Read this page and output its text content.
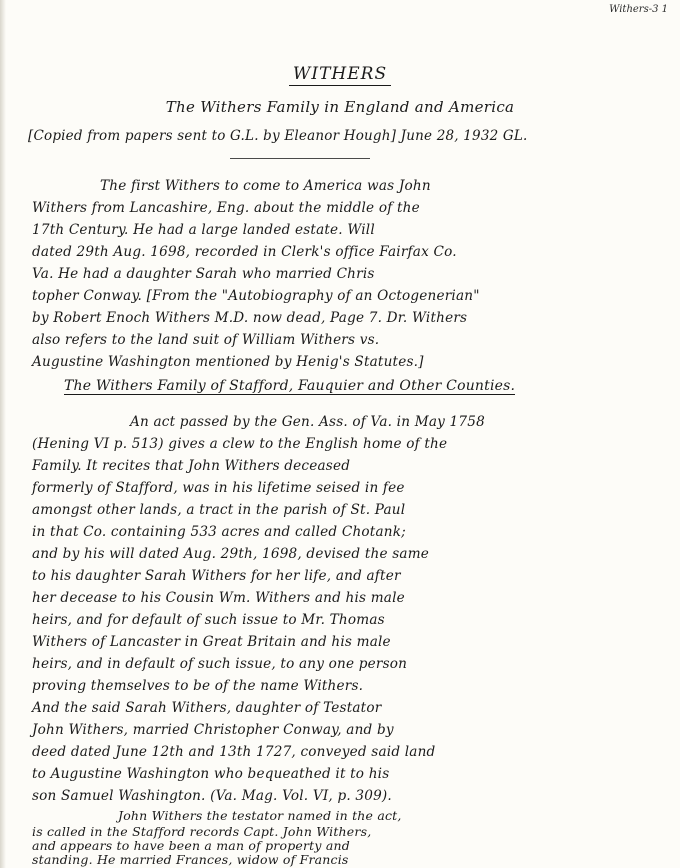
Withers-3 1
WITHERS
The Withers Family in England and America
[Copied from papers sent to G.L. by Eleanor Hough] June 28, 1932 GL.
The first Withers to come to America was John
Withers from Lancashire, Eng. about the middle of the
17th Century. He had a large landed estate. Will
dated 29th Aug. 1698, recorded in Clerk's office Fairfax Co.
Va. He had a daughter Sarah who married Chris
topher Conway. [From the "Autobiography of an Octogenerian"
by Robert Enoch Withers M.D. now dead, Page 7. Dr. Withers
also refers to the land suit of William Withers vs.
Augustine Washington mentioned by Henig's Statutes.]
The Withers Family of Stafford, Fauquier and Other Counties.
An act passed by the Gen. Ass. of Va. in May 1758
(Hening VI p. 513) gives a clew to the English home of the
Family. It recites that John Withers deceased
formerly of Stafford, was in his lifetime seised in fee
amongst other lands, a tract in the parish of St. Paul
in that Co. containing 533 acres and called Chotank;
and by his will dated Aug. 29th, 1698, devised the same
to his daughter Sarah Withers for her life, and after
her decease to his Cousin Wm. Withers and his male
heirs, and for default of such issue to Mr. Thomas
Withers of Lancaster in Great Britain and his male
heirs, and in default of such issue, to any one person
proving themselves to be of the name Withers.
And the said Sarah Withers, daughter of Testator
John Withers, married Christopher Conway, and by
deed dated June 12th and 13th 1727, conveyed said land
to Augustine Washington who bequeathed it to his
son Samuel Washington. (Va. Mag. Vol. VI, p. 309).
John Withers the testator named in the act,
is called in the Stafford records Capt. John Withers,
and appears to have been a man of property and
standing. He married Frances, widow of Francis
